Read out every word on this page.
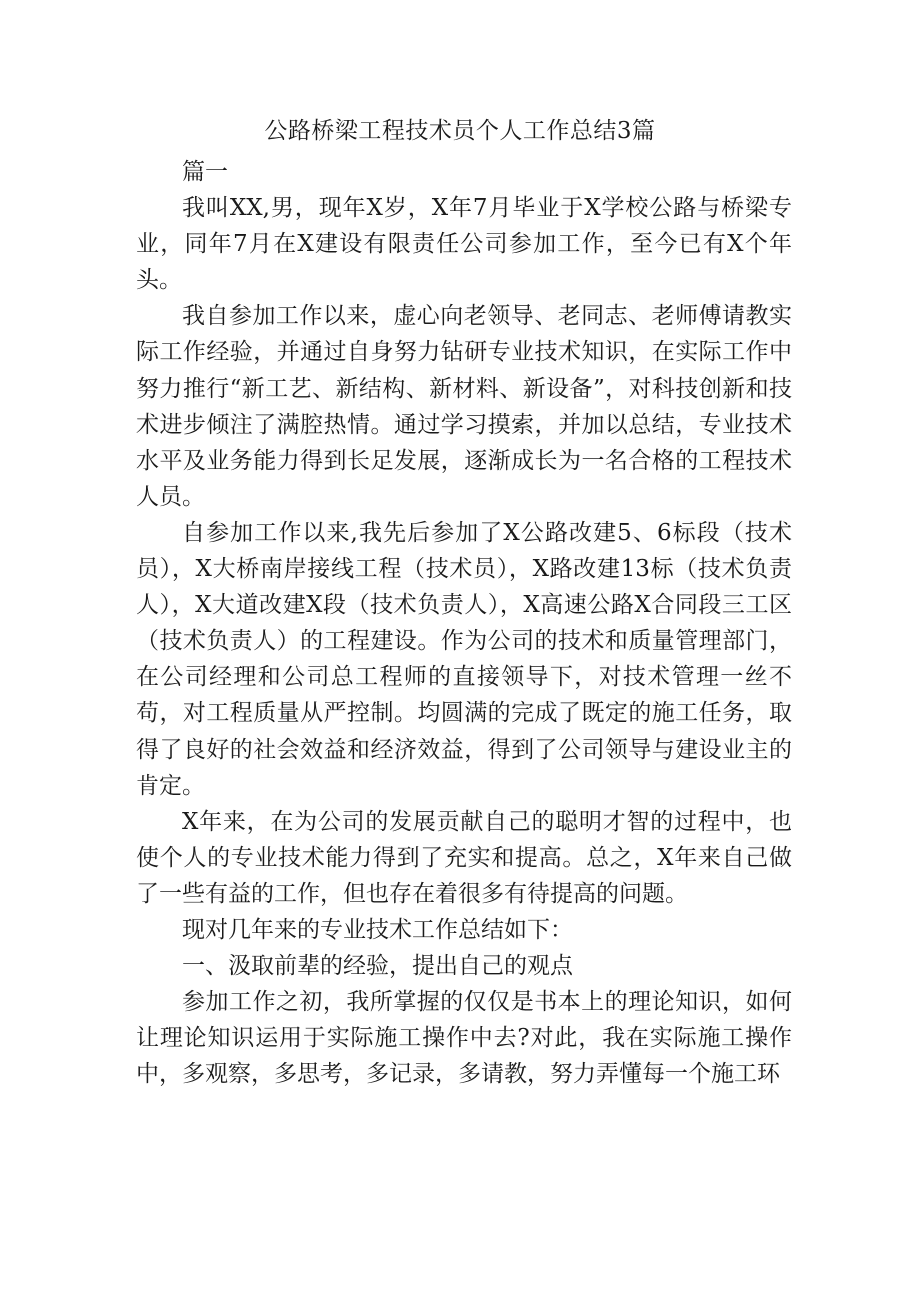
公路桥梁工程技术员个人工作总结3篇

篇一

我叫XX,男，现年X岁，X年7月毕业于X学校公路与桥梁专业，同年7月在X建设有限责任公司参加工作，至今已有X个年头。

我自参加工作以来，虚心向老领导、老同志、老师傅请教实际工作经验，并通过自身努力钻研专业技术知识，在实际工作中努力推行“新工艺、新结构、新材料、新设备”，对科技创新和技术进步倾注了满腔热情。通过学习摸索，并加以总结，专业技术水平及业务能力得到长足发展，逐渐成长为一名合格的工程技术人员。

自参加工作以来,我先后参加了X公路改建5、6标段（技术员），X大桥南岸接线工程（技术员），X路改建13标（技术负责人），X大道改建X段（技术负责人），X高速公路X合同段三工区（技术负责人）的工程建设。作为公司的技术和质量管理部门，在公司经理和公司总工程师的直接领导下，对技术管理一丝不苟，对工程质量从严控制。均圆满的完成了既定的施工任务，取得了良好的社会效益和经济效益，得到了公司领导与建设业主的肯定。

X年来，在为公司的发展贡献自己的聪明才智的过程中，也使个人的专业技术能力得到了充实和提高。总之，X年来自己做了一些有益的工作，但也存在着很多有待提高的问题。

现对几年来的专业技术工作总结如下：

一、汲取前辈的经验，提出自己的观点

参加工作之初，我所掌握的仅仅是书本上的理论知识，如何让理论知识运用于实际施工操作中去?对此，我在实际施工操作中，多观察，多思考，多记录，多请教，努力弄懂每一个施工环
